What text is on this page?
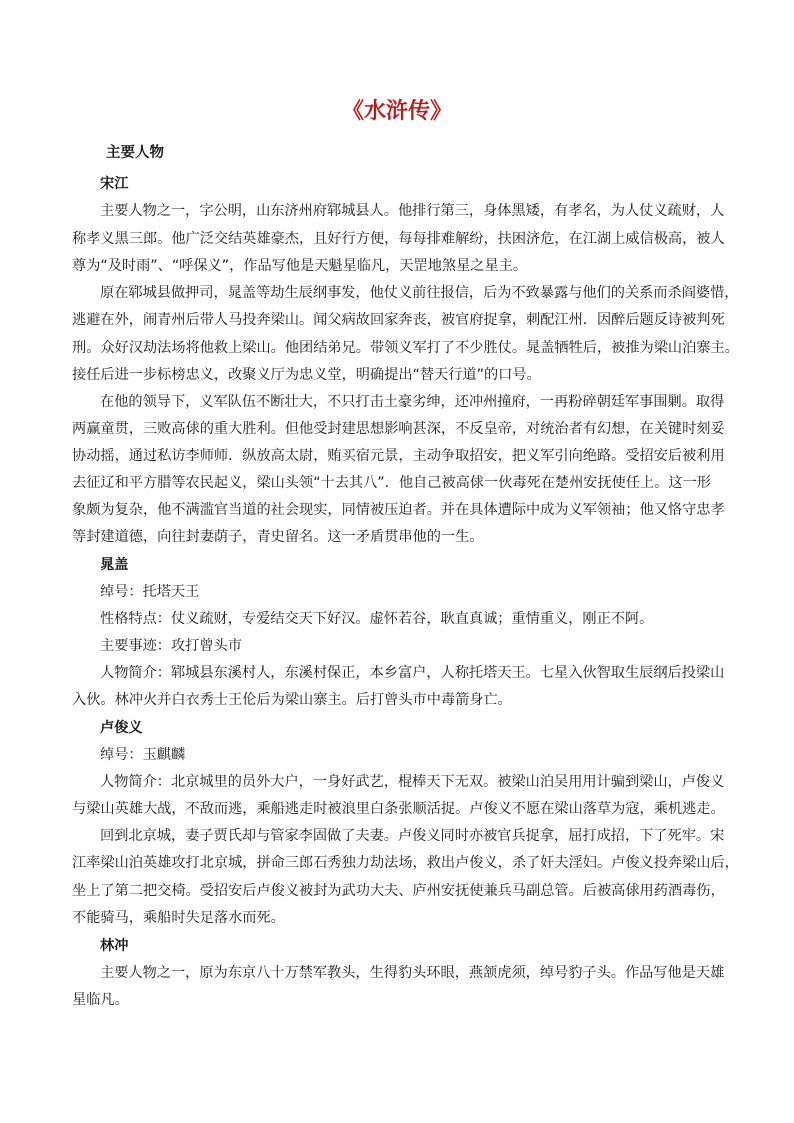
《水浒传》

主要人物

宋江

主要人物之一，字公明，山东济州府郓城县人。他排行第三，身体黑矮，有孝名，为人仗义疏财，人

称孝义黑三郎。他广泛交结英雄豪杰，且好行方便，每每排难解纷，扶困济危，在江湖上威信极高，被人

尊为“及时雨”、“呼保义”，作品写他是天魁星临凡，天罡地煞星之星主。

原在郓城县做押司，晁盖等劫生辰纲事发，他仗义前往报信，后为不致暴露与他们的关系而杀阎婆惜，

逃避在外，闹青州后带人马投奔梁山。闻父病故回家奔丧，被官府捉拿，刺配江州．因醉后题反诗被判死

刑。众好汉劫法场将他救上梁山。他团结弟兄。带领义军打了不少胜仗。晁盖牺牲后，被推为梁山泊寨主。

接任后进一步标榜忠义，改聚义厅为忠义堂，明确提出“替天行道”的口号。

在他的领导下，义军队伍不断壮大，不只打击土豪劣绅，还冲州撞府，一再粉碎朝廷军事围剿。取得

两赢童贯，三败高俅的重大胜利。但他受封建思想影响甚深，不反皇帝，对统治者有幻想，在关键时刻妥

协动摇，通过私访李师师．纵放高太尉，贿买宿元景，主动争取招安，把义军引向绝路。受招安后被利用

去征辽和平方腊等农民起义，梁山头领“十去其八”．他自己被高俅一伙毒死在楚州安抚使任上。这一形

象颇为复杂，他不满滥官当道的社会现实，同情被压迫者。并在具体遭际中成为义军领袖；他又恪守忠孝

等封建道德，向往封妻荫子，青史留名。这一矛盾贯串他的一生。

晁盖

绰号：托塔天王

性格特点：仗义疏财，专爱结交天下好汉。虚怀若谷，耿直真诚；重情重义，刚正不阿。

主要事迹：攻打曾头市

人物简介：郓城县东溪村人，东溪村保正，本乡富户，人称托塔天王。七星入伙智取生辰纲后投梁山

入伙。林冲火并白衣秀士王伦后为梁山寨主。后打曾头市中毒箭身亡。

卢俊义

绰号：玉麒麟

人物简介：北京城里的员外大户，一身好武艺，棍棒天下无双。被梁山泊吴用用计骗到梁山，卢俊义

与梁山英雄大战，不敌而逃，乘船逃走时被浪里白条张顺活捉。卢俊义不愿在梁山落草为寇，乘机逃走。

回到北京城，妻子贾氏却与管家李固做了夫妻。卢俊义同时亦被官兵捉拿，屈打成招，下了死牢。宋

江率梁山泊英雄攻打北京城，拼命三郎石秀独力劫法场，救出卢俊义，杀了奸夫淫妇。卢俊义投奔梁山后，

坐上了第二把交椅。受招安后卢俊义被封为武功大夫、庐州安抚使兼兵马副总管。后被高俅用药酒毒伤，

不能骑马，乘船时失足落水而死。

林冲

主要人物之一，原为东京八十万禁军教头，生得豹头环眼，燕颔虎须，绰号豹子头。作品写他是天雄

星临凡。
